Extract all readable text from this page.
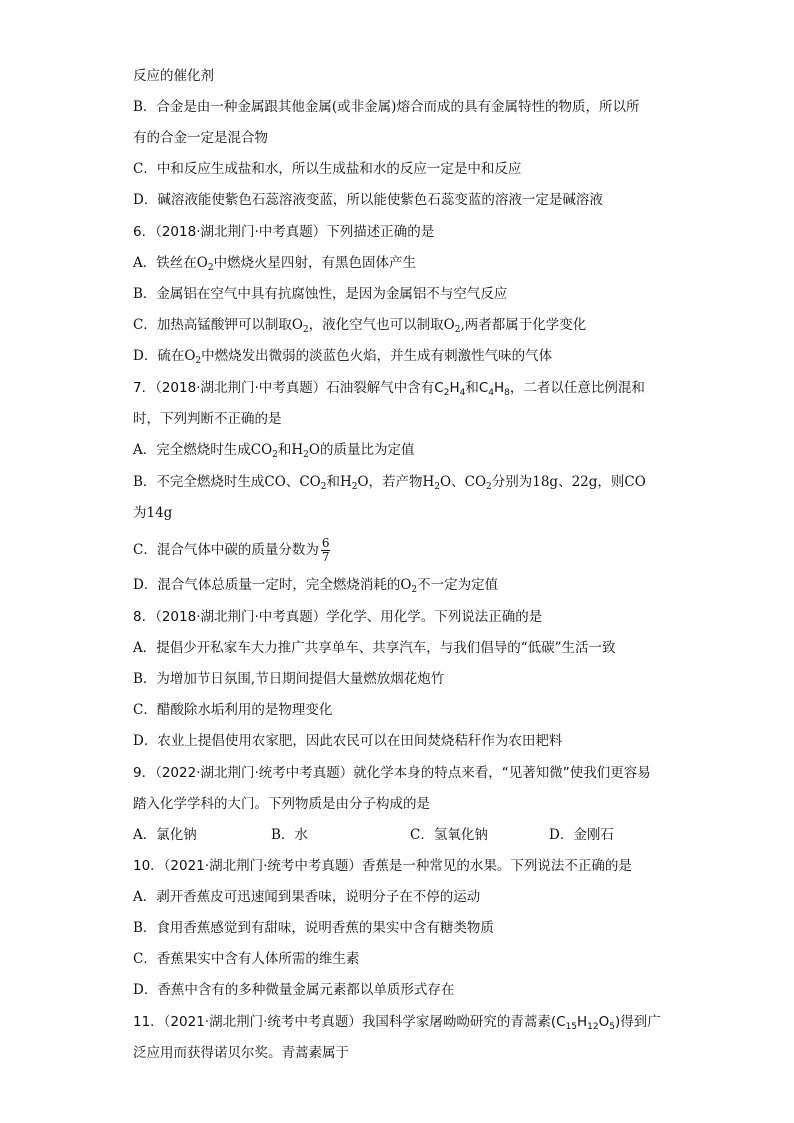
反应的催化剂
B．合金是由一种金属跟其他金属(或非金属)熔合而成的具有金属特性的物质，所以所
有的合金一定是混合物
C．中和反应生成盐和水，所以生成盐和水的反应一定是中和反应
D．碱溶液能使紫色石蕊溶液变蓝，所以能使紫色石蕊变蓝的溶液一定是碱溶液
6．（2018·湖北荆门·中考真题）下列描述正确的是
A．铁丝在$O_2$中燃烧火星四射，有黑色固体产生
B．金属铝在空气中具有抗腐蚀性，是因为金属铝不与空气反应
C．加热高锰酸钾可以制取$O_2$，液化空气也可以制取$O_2$,两者都属于化学变化
D．硫在$O_2$中燃烧发出微弱的淡蓝色火焰，并生成有刺激性气味的气体
7．（2018·湖北荆门·中考真题）石油裂解气中含有$C_2H_4$和$C_4H_8$，二者以任意比例混和
时，下列判断不正确的是
A．完全燃烧时生成$CO_2$和$H_2O$的质量比为定值
B．不完全燃烧时生成CO、$CO_2$和$H_2O$，若产物$H_2O$、$CO_2$分别为18g、22g，则CO
为14g
C．混合气体中碳的质量分数为 $\frac{6}{7}$
D．混合气体总质量一定时，完全燃烧消耗的$O_2$不一定为定值
8．（2018·湖北荆门·中考真题）学化学、用化学。下列说法正确的是
A．提倡少开私家车大力推广共享单车、共享汽车，与我们倡导的“低碳”生活一致
B．为增加节日氛围,节日期间提倡大量燃放烟花炮竹
C．醋酸除水垢利用的是物理变化
D．农业上提倡使用农家肥，因此农民可以在田间焚烧秸秆作为农田耙料
9．（2022·湖北荆门·统考中考真题）就化学本身的特点来看，“见著知微”使我们更容易
踏入化学学科的大门。下列物质是由分子构成的是
A．氯化钠	B．水	C．氢氧化钠	D．金刚石
10．（2021·湖北荆门·统考中考真题）香蕉是一种常见的水果。下列说法不正确的是
A．剥开香蕉皮可迅速闻到果香味，说明分子在不停的运动
B．食用香蕉感觉到有甜味，说明香蕉的果实中含有糖类物质
C．香蕉果实中含有人体所需的维生素
D．香蕉中含有的多种微量金属元素都以单质形式存在
11．（2021·湖北荆门·统考中考真题）我国科学家屠呦呦研究的青蒿素$(C_{15}H_{12}O_5)$得到广
泛应用而获得诺贝尔奖。青蒿素属于
